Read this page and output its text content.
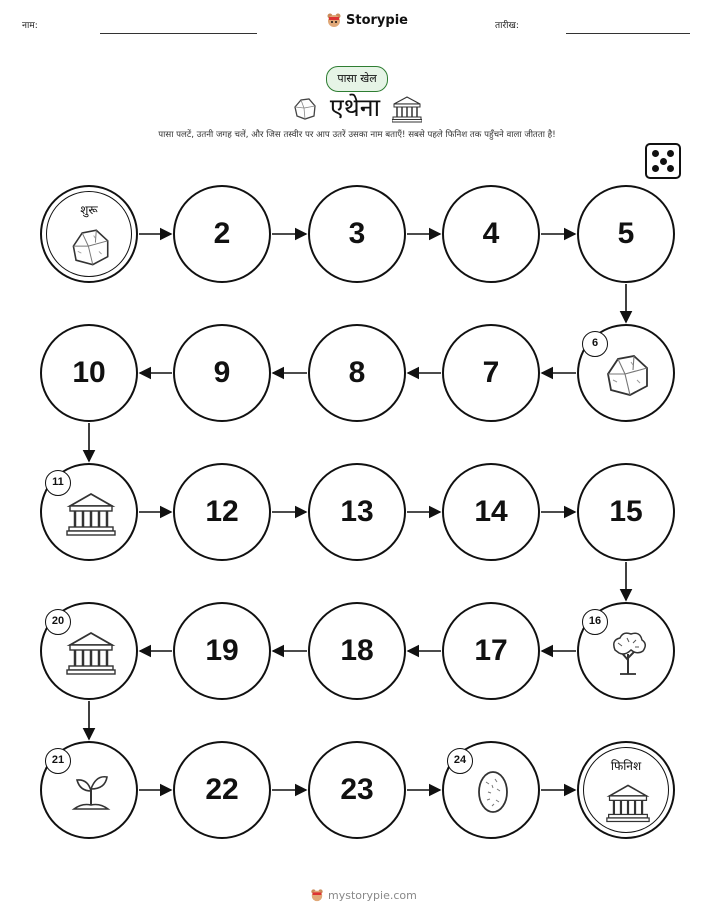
नाम:	Storypie	तारीख:
पासा खेल
एथेना
पासा पलटें, उतनी जगह चलें, और जिस तस्वीर पर आप उतरें उसका नाम बताएँ! सबसे पहले फिनिश तक पहुँचने वाला जीतता है!
शुरू
2	3	4	5
6
7
8
9
10
11
12	13	14	15
16
17
18
19
20
21
22	23
24	फिनिश
mystorypie.com
